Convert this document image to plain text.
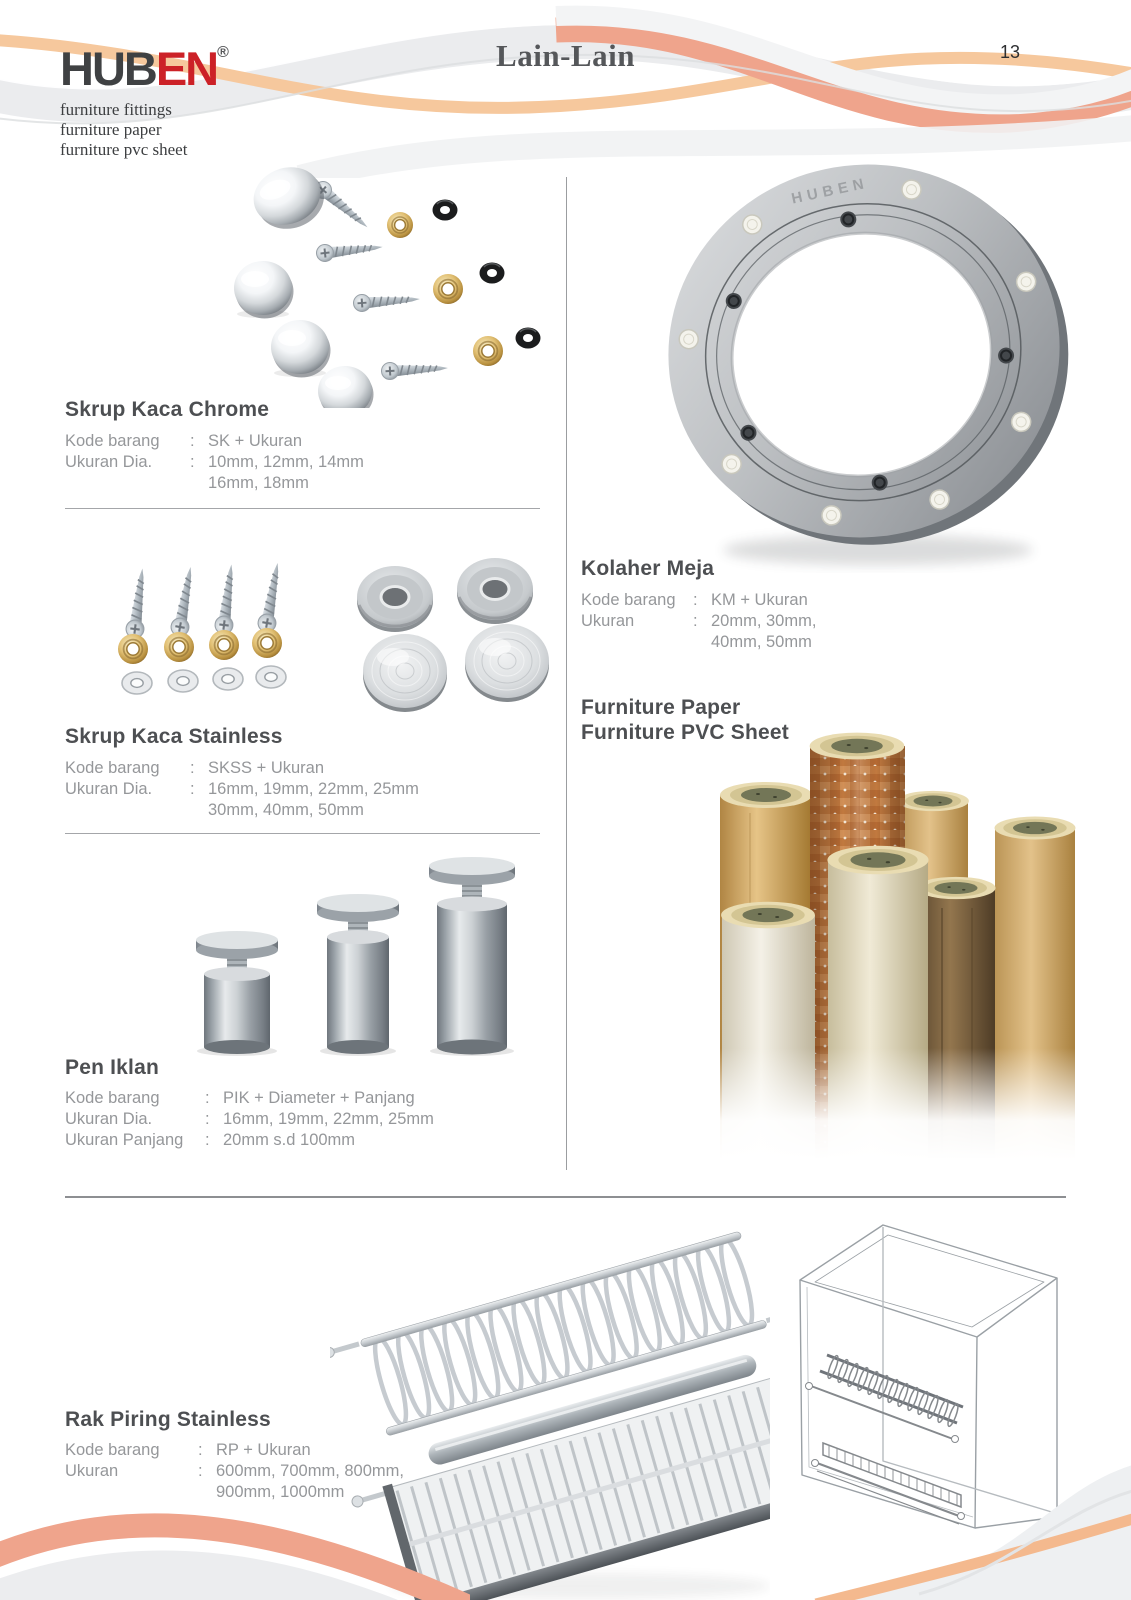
HUBEN®
furniture fittings
furniture paper
furniture pvc sheet
Lain-Lain	13
HUBEN
Skrup Kaca Chrome
Kode barang	: SK + Ukuran
Ukuran Dia.	: 10mm, 12mm, 14mm
16mm, 18mm
Skrup Kaca Stainless
Kode barang	: SKSS + Ukuran
Ukuran Dia.	: 16mm, 19mm, 22mm, 25mm
30mm, 40mm, 50mm
Pen Iklan
Kode barang	: PIK + Diameter + Panjang
Ukuran Dia.	: 16mm, 19mm, 22mm, 25mm
Ukuran Panjang	: 20mm s.d 100mm
Kolaher Meja
Kode barang	: KM + Ukuran
Ukuran	: 20mm, 30mm,
40mm, 50mm
Furniture Paper
Furniture PVC Sheet
Rak Piring Stainless
Kode barang	: RP + Ukuran
Ukuran	: 600mm, 700mm, 800mm,
900mm, 1000mm
